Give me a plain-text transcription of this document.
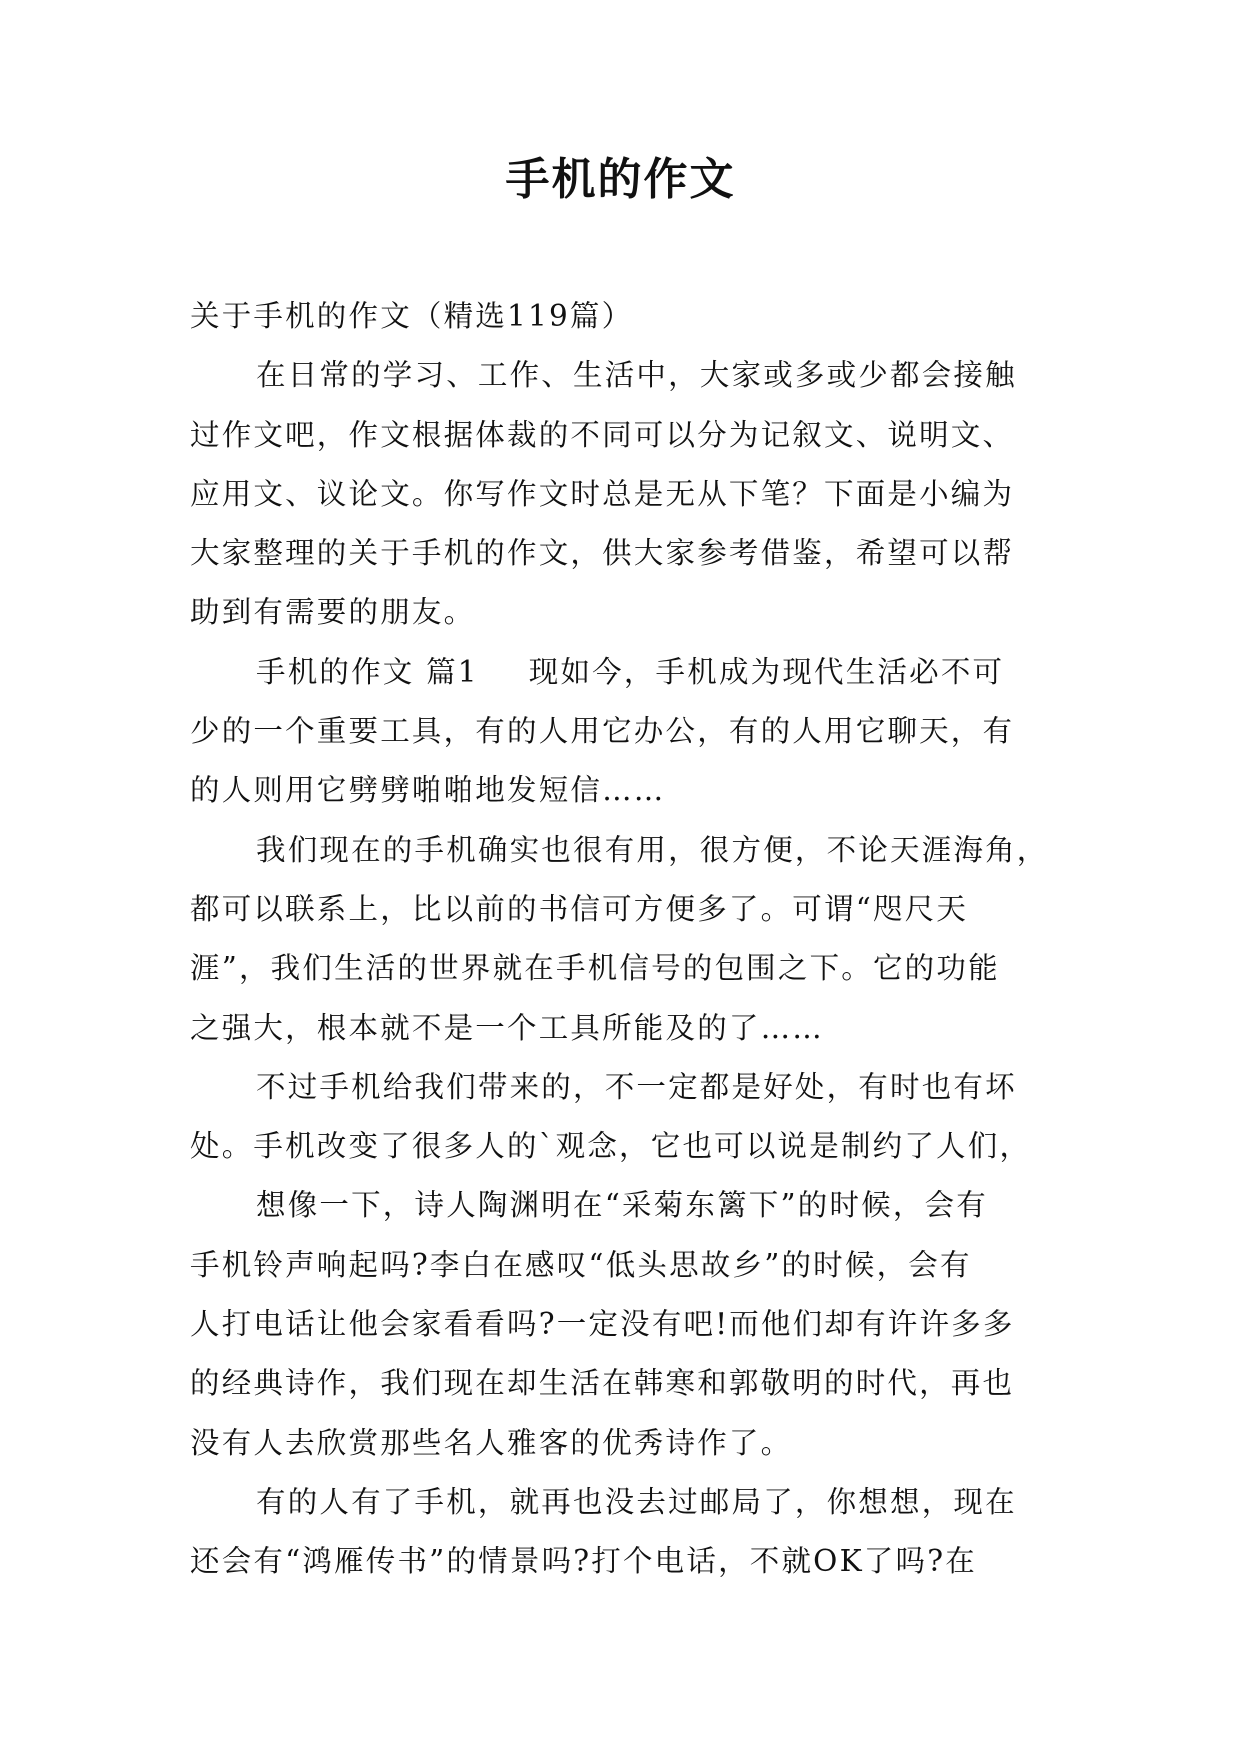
手机的作文

关于手机的作文（精选119篇）

在日常的学习、工作、生活中，大家或多或少都会接触

过作文吧，作文根据体裁的不同可以分为记叙文、说明文、

应用文、议论文。你写作文时总是无从下笔？下面是小编为

大家整理的关于手机的作文，供大家参考借鉴，希望可以帮

助到有需要的朋友。

手机的作文 篇1 现如今，手机成为现代生活必不可

少的一个重要工具，有的人用它办公，有的人用它聊天，有

的人则用它劈劈啪啪地发短信……

我们现在的手机确实也很有用，很方便，不论天涯海角，

都可以联系上，比以前的书信可方便多了。可谓“咫尺天

涯”，我们生活的世界就在手机信号的包围之下。它的功能

之强大，根本就不是一个工具所能及的了……

不过手机给我们带来的，不一定都是好处，有时也有坏

处。手机改变了很多人的`观念，它也可以说是制约了人们，

想像一下，诗人陶渊明在“采菊东篱下”的时候，会有

手机铃声响起吗?李白在感叹“低头思故乡”的时候，会有

人打电话让他会家看看吗?一定没有吧!而他们却有许许多多

的经典诗作，我们现在却生活在韩寒和郭敬明的时代，再也

没有人去欣赏那些名人雅客的优秀诗作了。

有的人有了手机，就再也没去过邮局了，你想想，现在

还会有“鸿雁传书”的情景吗?打个电话，不就OK了吗?在
